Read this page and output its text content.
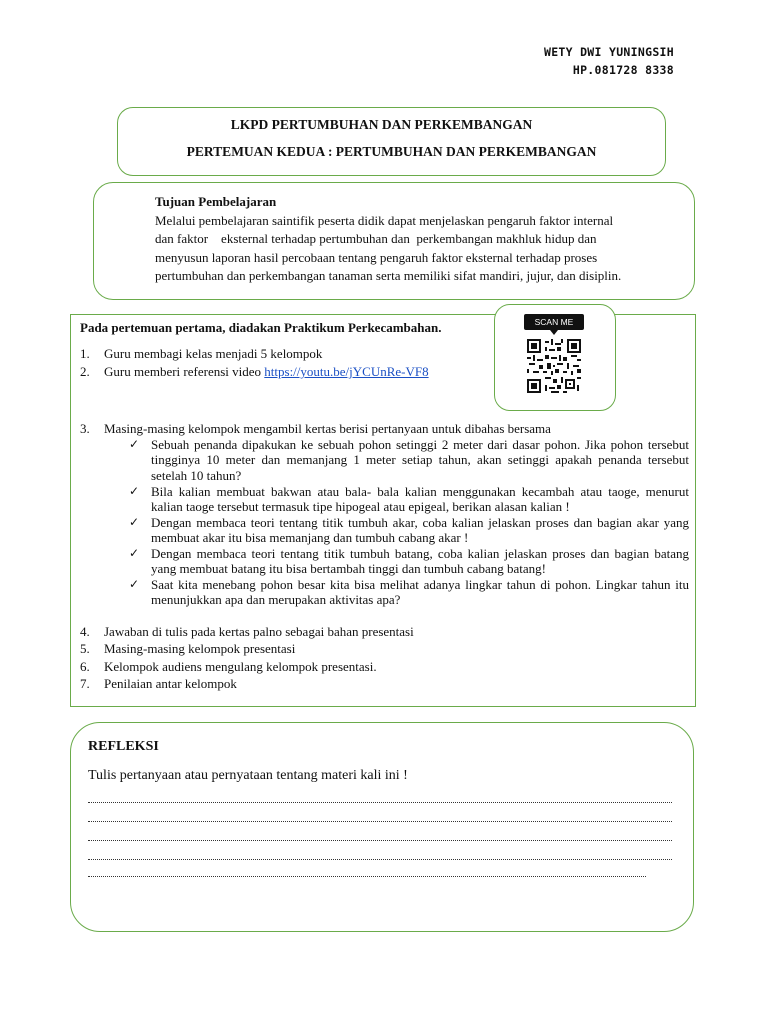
WETY DWI YUNINGSIH
HP.081728 8338
LKPD PERTUMBUHAN DAN PERKEMBANGAN
PERTEMUAN KEDUA : PERTUMBUHAN DAN PERKEMBANGAN
Tujuan Pembelajaran
Melalui pembelajaran saintifik peserta didik dapat menjelaskan pengaruh faktor internal
dan faktor    eksternal terhadap pertumbuhan dan  perkembangan makhluk hidup dan
menyusun laporan hasil percobaan tentang pengaruh faktor eksternal terhadap proses
pertumbuhan dan perkembangan tanaman serta memiliki sifat mandiri, jujur, dan disiplin.
Pada pertemuan pertama, diadakan Praktikum Perkecambahan.	SCAN ME
1. Guru membagi kelas menjadi 5 kelompok
2. Guru memberi referensi video https://youtu.be/jYCUnRe-VF8
3. Masing-masing kelompok mengambil kertas berisi pertanyaan untuk dibahas bersama
✓ Sebuah penanda dipakukan ke sebuah pohon setinggi 2 meter dari dasar pohon. Jika pohon tersebut tingginya 10 meter dan memanjang 1 meter setiap tahun, akan setinggi apakah penanda tersebut setelah 10 tahun?
✓ Bila kalian membuat bakwan atau bala- bala kalian menggunakan kecambah atau taoge, menurut kalian taoge tersebut termasuk tipe hipogeal atau epigeal, berikan alasan kalian !
✓ Dengan membaca teori tentang titik tumbuh akar, coba kalian jelaskan proses dan bagian akar yang membuat akar itu bisa memanjang dan tumbuh cabang akar !
✓ Dengan membaca teori tentang titik tumbuh batang, coba kalian jelaskan proses dan bagian batang yang membuat batang itu bisa bertambah tinggi dan tumbuh cabang batang!
✓ Saat kita menebang pohon besar kita bisa melihat adanya lingkar tahun di pohon. Lingkar tahun itu menunjukkan apa dan merupakan aktivitas apa?
4. Jawaban di tulis pada kertas palno sebagai bahan presentasi
5. Masing-masing kelompok presentasi
6. Kelompok audiens mengulang kelompok presentasi.
7. Penilaian antar kelompok
REFLEKSI
Tulis pertanyaan atau pernyataan tentang materi kali ini !
